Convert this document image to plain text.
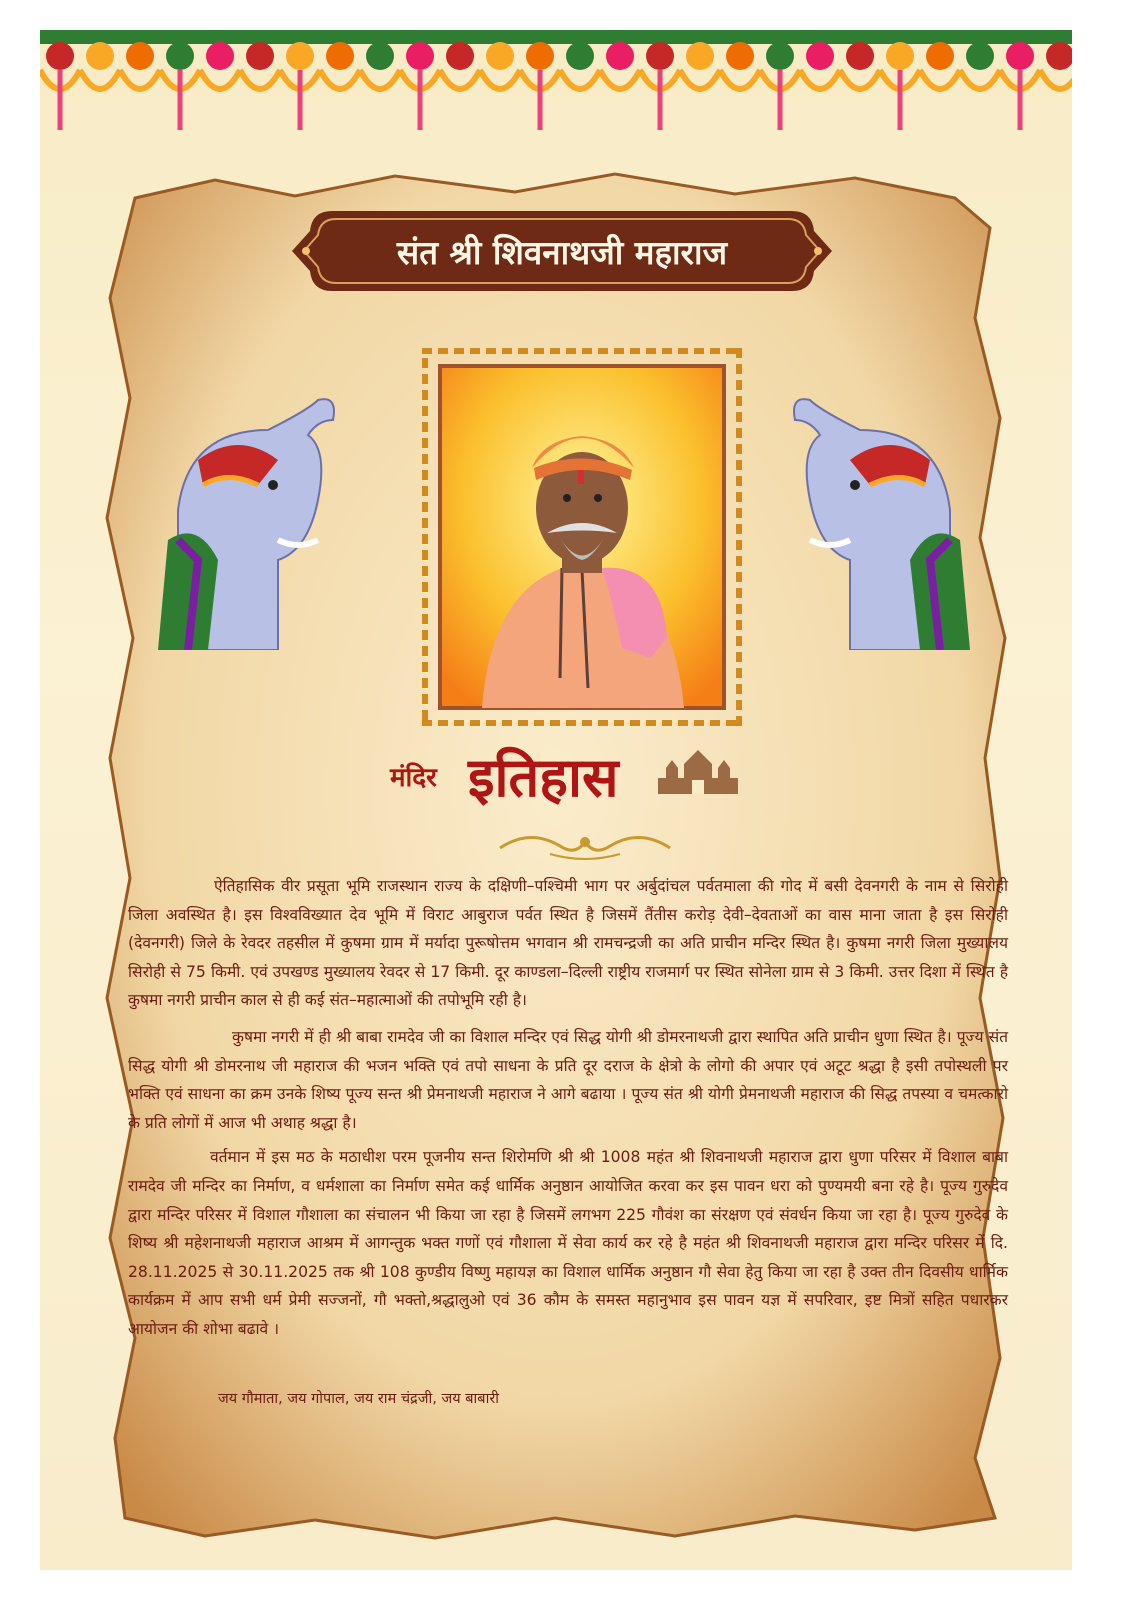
संत श्री शिवनाथजी महाराज
मंदिर इतिहास

ऐतिहासिक वीर प्रसूता भूमि राजस्थान राज्य के दक्षिणी–पश्चिमी भाग पर अर्बुदांचल पर्वतमाला की गोद में बसी देवनगरी के नाम से सिरोही जिला अवस्थित है। इस विश्वविख्यात देव भूमि में विराट आबुराज पर्वत स्थित है जिसमें तैंतीस करोड़ देवी–देवताओं का वास माना जाता है इस सिरोही (देवनगरी) जिले के रेवदर तहसील में कुषमा ग्राम में मर्यादा पुरूषोत्तम भगवान श्री रामचन्द्रजी का अति प्राचीन मन्दिर स्थित है। कुषमा नगरी जिला मुख्यालय सिरोही से 75 किमी. एवं उपखण्ड मुख्यालय रेवदर से 17 किमी. दूर काण्डला–दिल्ली राष्ट्रीय राजमार्ग पर स्थित सोनेला ग्राम से 3 किमी. उत्तर दिशा में स्थित है कुषमा नगरी प्राचीन काल से ही कई संत–महात्माओं की तपोभूमि रही है।

कुषमा नगरी में ही श्री बाबा रामदेव जी का विशाल मन्दिर एवं सिद्ध योगी श्री डोमरनाथजी द्वारा स्थापित अति प्राचीन धुणा स्थित है। पूज्य संत सिद्ध योगी श्री डोमरनाथ जी महाराज की भजन भक्ति एवं तपो साधना के प्रति दूर दराज के क्षेत्रो के लोगो की अपार एवं अटूट श्रद्धा है इसी तपोस्थली पर भक्ति एवं साधना का क्रम उनके शिष्य पूज्य सन्त श्री प्रेमनाथजी महाराज ने आगे बढाया । पूज्य संत श्री योगी प्रेमनाथजी महाराज की सिद्ध तपस्या व चमत्कारो के प्रति लोगों में आज भी अथाह श्रद्धा है।

वर्तमान में इस मठ के मठाधीश परम पूजनीय सन्त शिरोमणि श्री श्री 1008 महंत श्री शिवनाथजी महाराज द्वारा धुणा परिसर में विशाल बाबा रामदेव जी मन्दिर का निर्माण, व धर्मशाला का निर्माण समेत कई धार्मिक अनुष्ठान आयोजित करवा कर इस पावन धरा को पुण्यमयी बना रहे है। पूज्य गुरुदेव द्वारा मन्दिर परिसर में विशाल गौशाला का संचालन भी किया जा रहा है जिसमें लगभग 225 गौवंश का संरक्षण एवं संवर्धन किया जा रहा है। पूज्य गुरुदेव के शिष्य श्री महेशनाथजी महाराज आश्रम में आगन्तुक भक्त गणों एवं गौशाला में सेवा कार्य कर रहे है महंत श्री शिवनाथजी महाराज द्वारा मन्दिर परिसर में दि. 28.11.2025 से 30.11.2025 तक श्री 108 कुण्डीय विष्णु महायज्ञ का विशाल धार्मिक अनुष्ठान गौ सेवा हेतु किया जा रहा है उक्त तीन दिवसीय धार्मिक कार्यक्रम में आप सभी धर्म प्रेमी सज्जनों, गौ भक्तो,श्रद्धालुओ एवं 36 कौम के समस्त महानुभाव इस पावन यज्ञ में सपरिवार, इष्ट मित्रों सहित पधारकर आयोजन की शोभा बढावे ।

जय गौमाता, जय गोपाल, जय राम चंद्रजी, जय बाबारी
